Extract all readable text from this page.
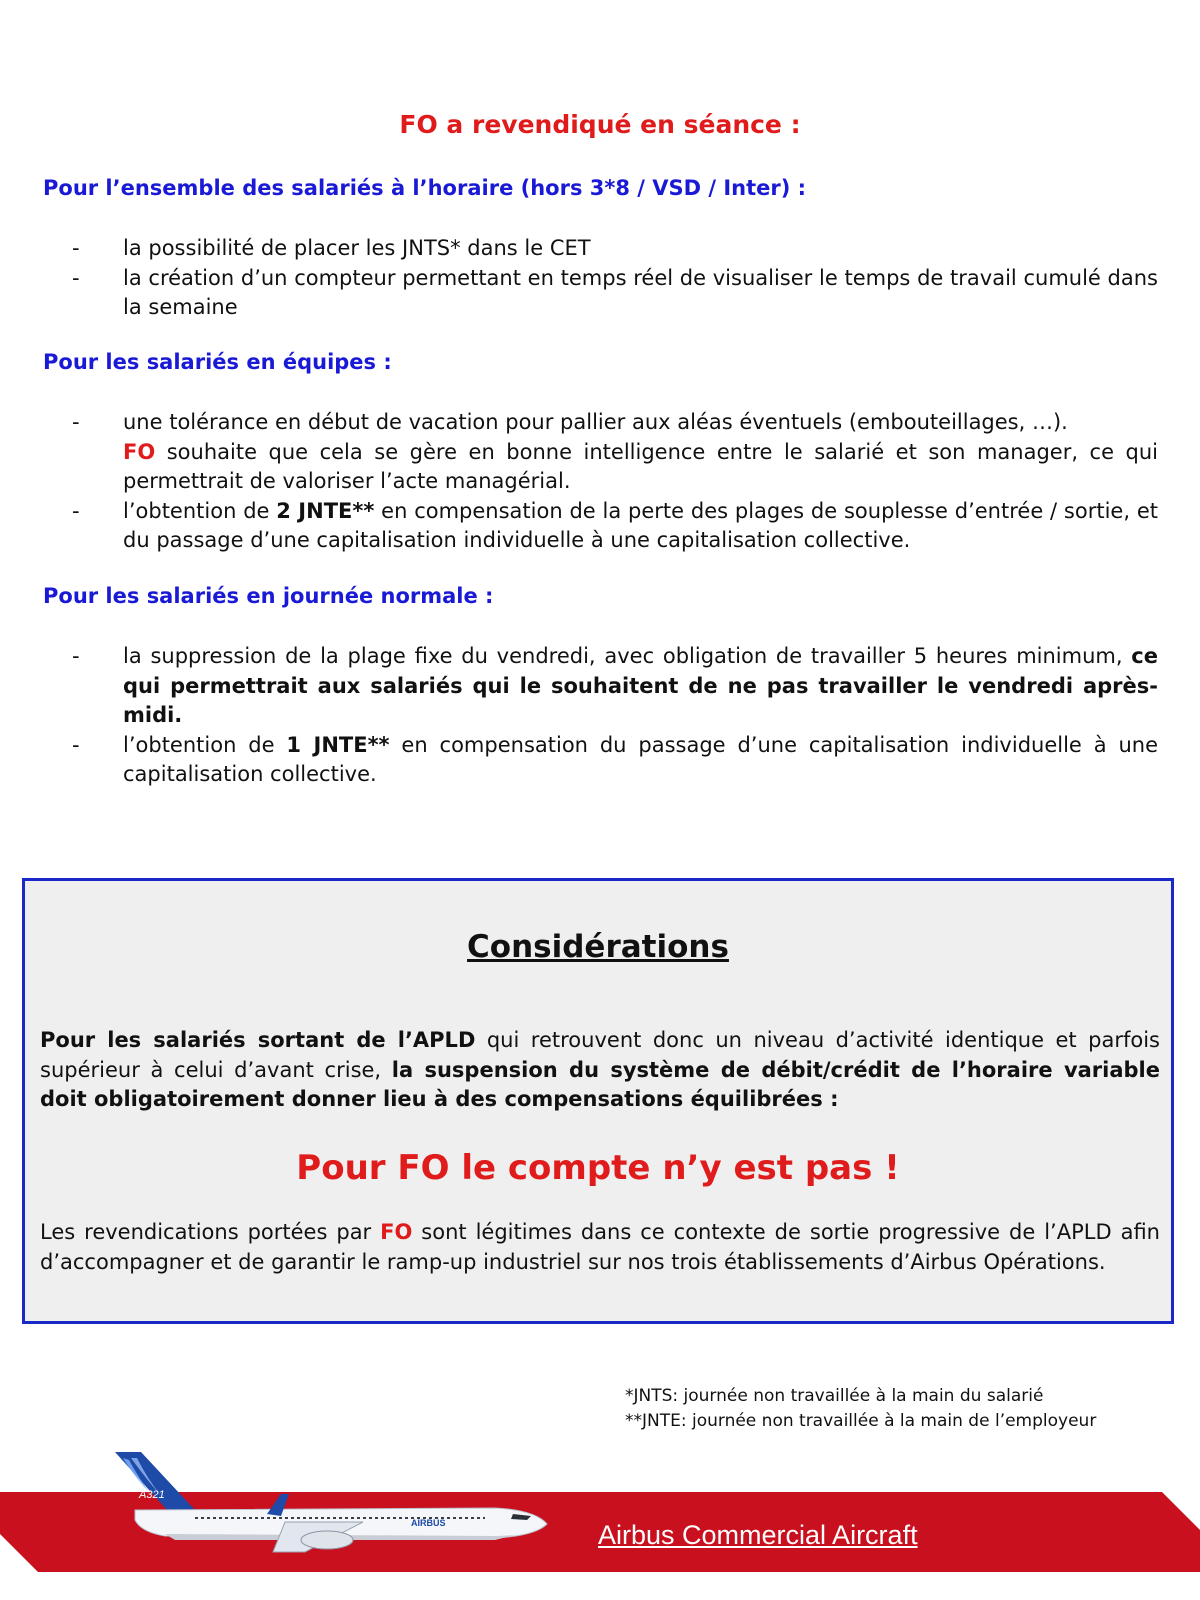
FO a revendiqué en séance :
Pour l’ensemble des salariés à l’horaire (hors 3*8 / VSD / Inter) :
- la possibilité de placer les JNTS* dans le CET
- la création d’un compteur permettant en temps réel de visualiser le temps de travail cumulé dans la semaine
Pour les salariés en équipes :
- une tolérance en début de vacation pour pallier aux aléas éventuels (embouteillages, …).
FO souhaite que cela se gère en bonne intelligence entre le salarié et son manager, ce qui permettrait de valoriser l’acte managérial.
- l’obtention de 2 JNTE** en compensation de la perte des plages de souplesse d’entrée / sortie, et du passage d’une capitalisation individuelle à une capitalisation collective.
Pour les salariés en journée normale :
- la suppression de la plage fixe du vendredi, avec obligation de travailler 5 heures minimum, ce qui permettrait aux salariés qui le souhaitent de ne pas travailler le vendredi après-midi.
- l’obtention de 1 JNTE** en compensation du passage d’une capitalisation individuelle à une capitalisation collective.
Considérations

Pour les salariés sortant de l’APLD qui retrouvent donc un niveau d’activité identique et parfois supérieur à celui d’avant crise, la suspension du système de débit/crédit de l’horaire variable doit obligatoirement donner lieu à des compensations équilibrées :

Pour FO le compte n’y est pas !

Les revendications portées par FO sont légitimes dans ce contexte de sortie progressive de l’APLD afin d’accompagner et de garantir le ramp-up industriel sur nos trois établissements d’Airbus Opérations.

*JNTS: journée non travaillée à la main du salarié
**JNTE: journée non travaillée à la main de l’employeur
A321
AIRBUS	Airbus Commercial Aircraft
